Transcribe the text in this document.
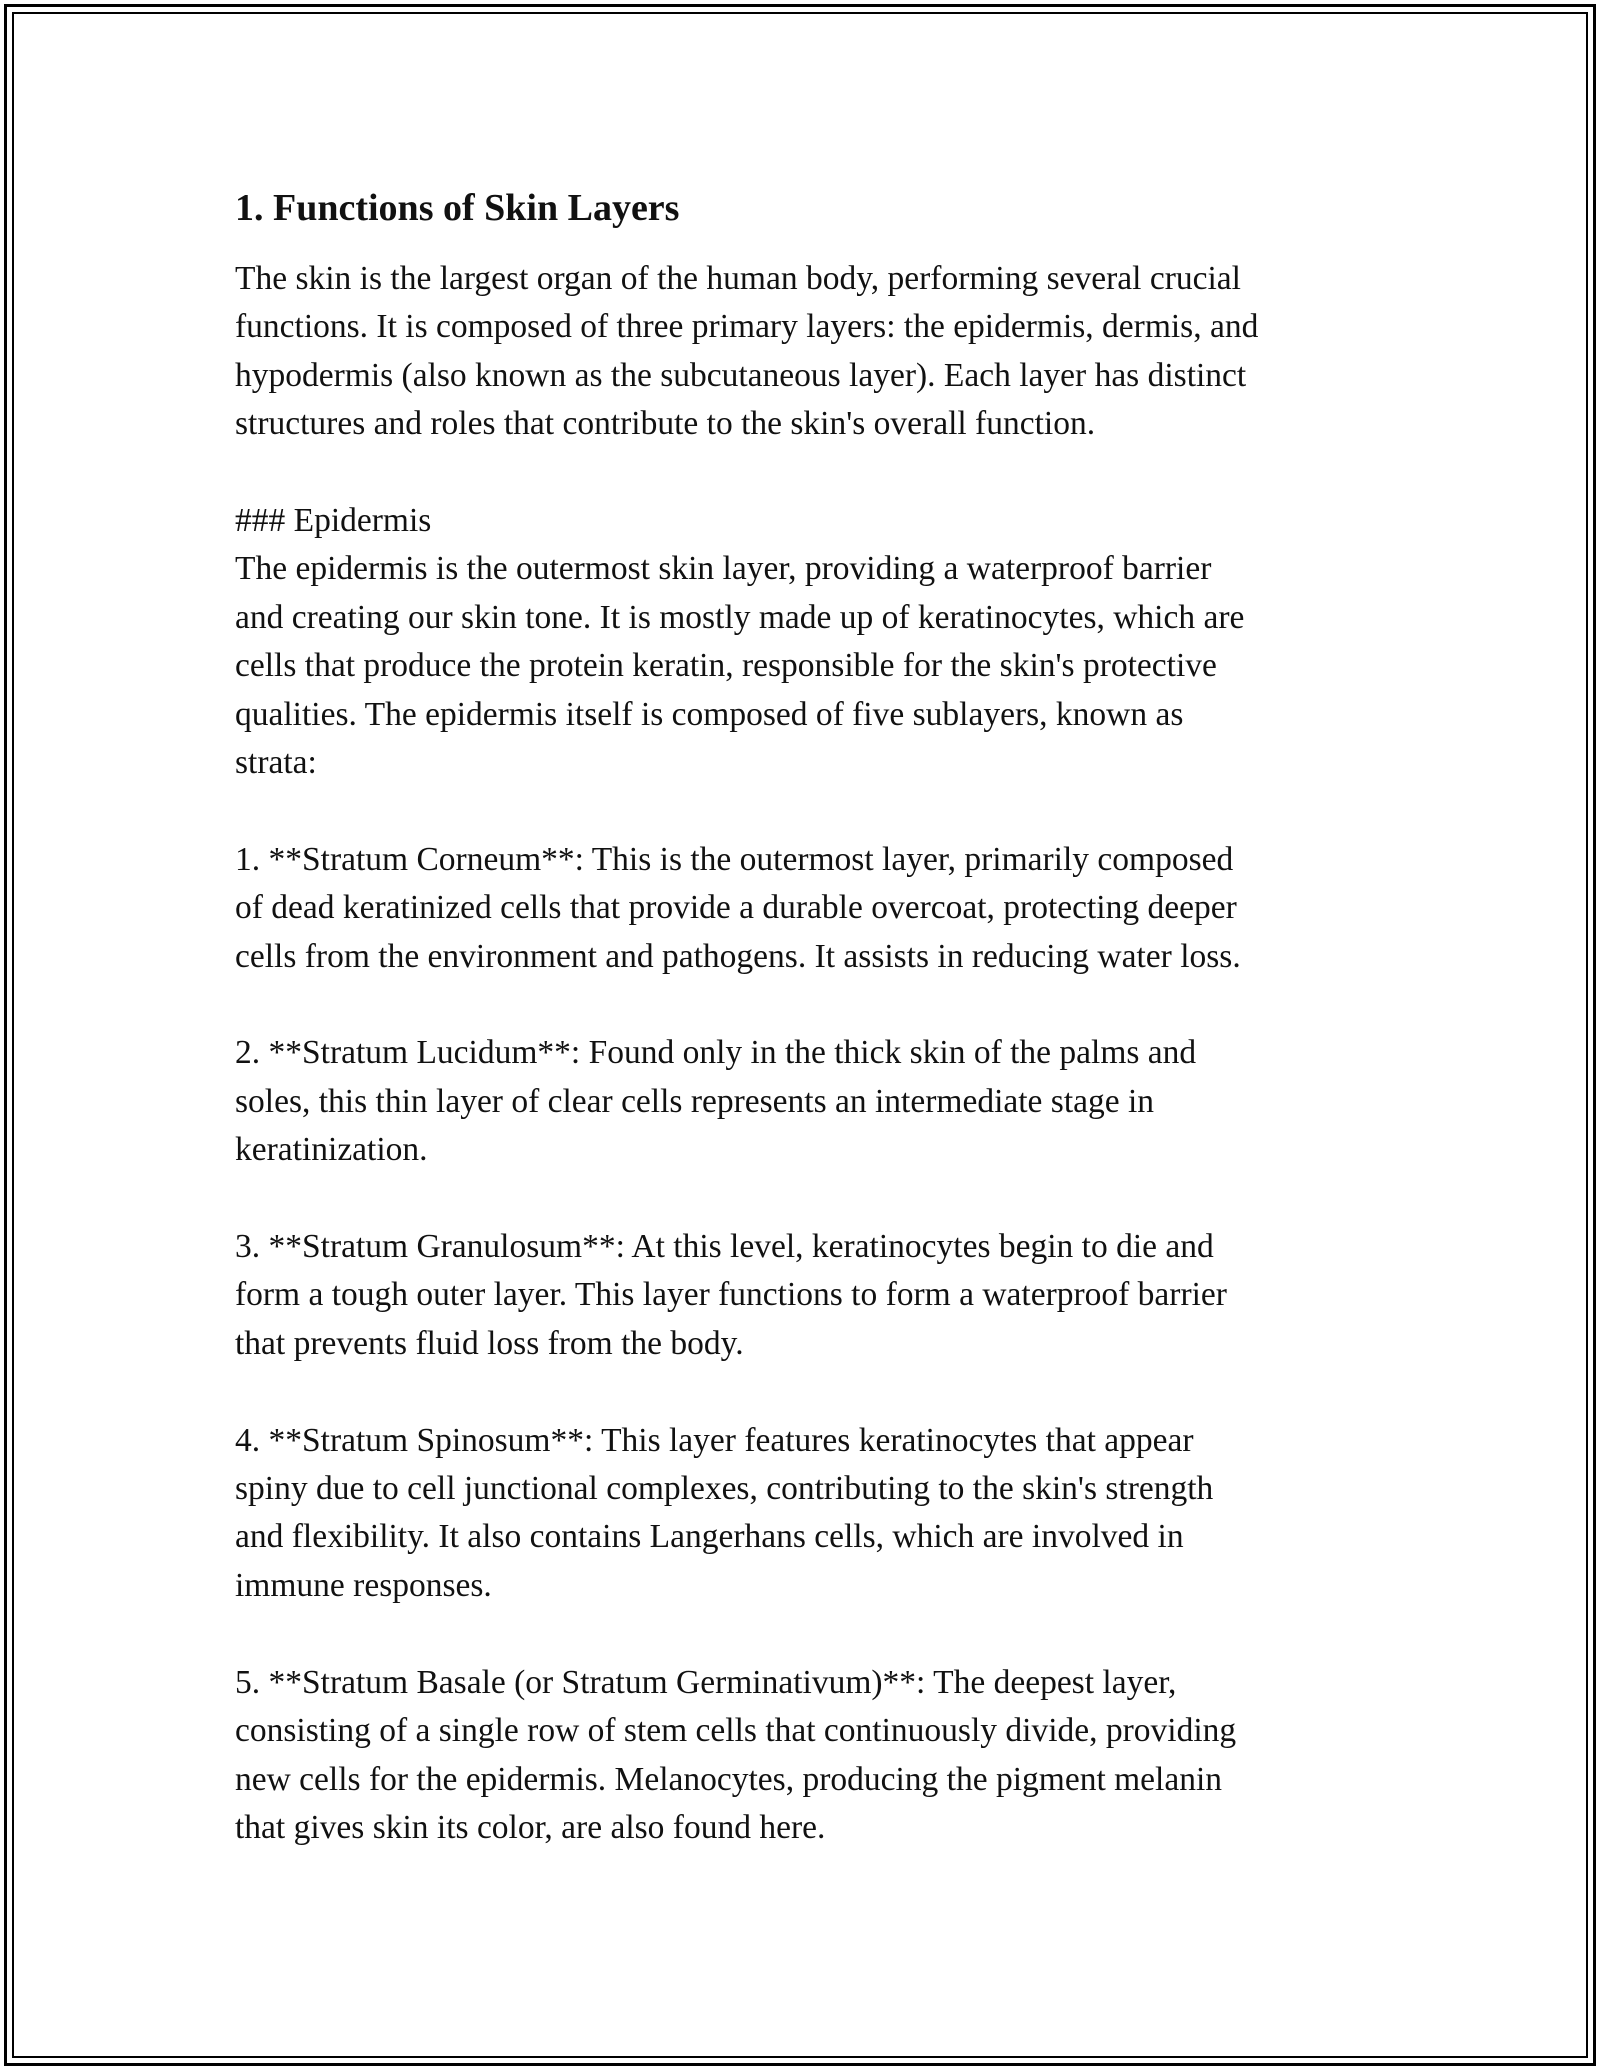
1. Functions of Skin Layers
The skin is the largest organ of the human body, performing several crucial
functions. It is composed of three primary layers: the epidermis, dermis, and
hypodermis (also known as the subcutaneous layer). Each layer has distinct
structures and roles that contribute to the skin's overall function.
### Epidermis
The epidermis is the outermost skin layer, providing a waterproof barrier
and creating our skin tone. It is mostly made up of keratinocytes, which are
cells that produce the protein keratin, responsible for the skin's protective
qualities. The epidermis itself is composed of five sublayers, known as
strata:
1. **Stratum Corneum**: This is the outermost layer, primarily composed
of dead keratinized cells that provide a durable overcoat, protecting deeper
cells from the environment and pathogens. It assists in reducing water loss.
2. **Stratum Lucidum**: Found only in the thick skin of the palms and
soles, this thin layer of clear cells represents an intermediate stage in
keratinization.
3. **Stratum Granulosum**: At this level, keratinocytes begin to die and
form a tough outer layer. This layer functions to form a waterproof barrier
that prevents fluid loss from the body.
4. **Stratum Spinosum**: This layer features keratinocytes that appear
spiny due to cell junctional complexes, contributing to the skin's strength
and flexibility. It also contains Langerhans cells, which are involved in
immune responses.
5. **Stratum Basale (or Stratum Germinativum)**: The deepest layer,
consisting of a single row of stem cells that continuously divide, providing
new cells for the epidermis. Melanocytes, producing the pigment melanin
that gives skin its color, are also found here.
